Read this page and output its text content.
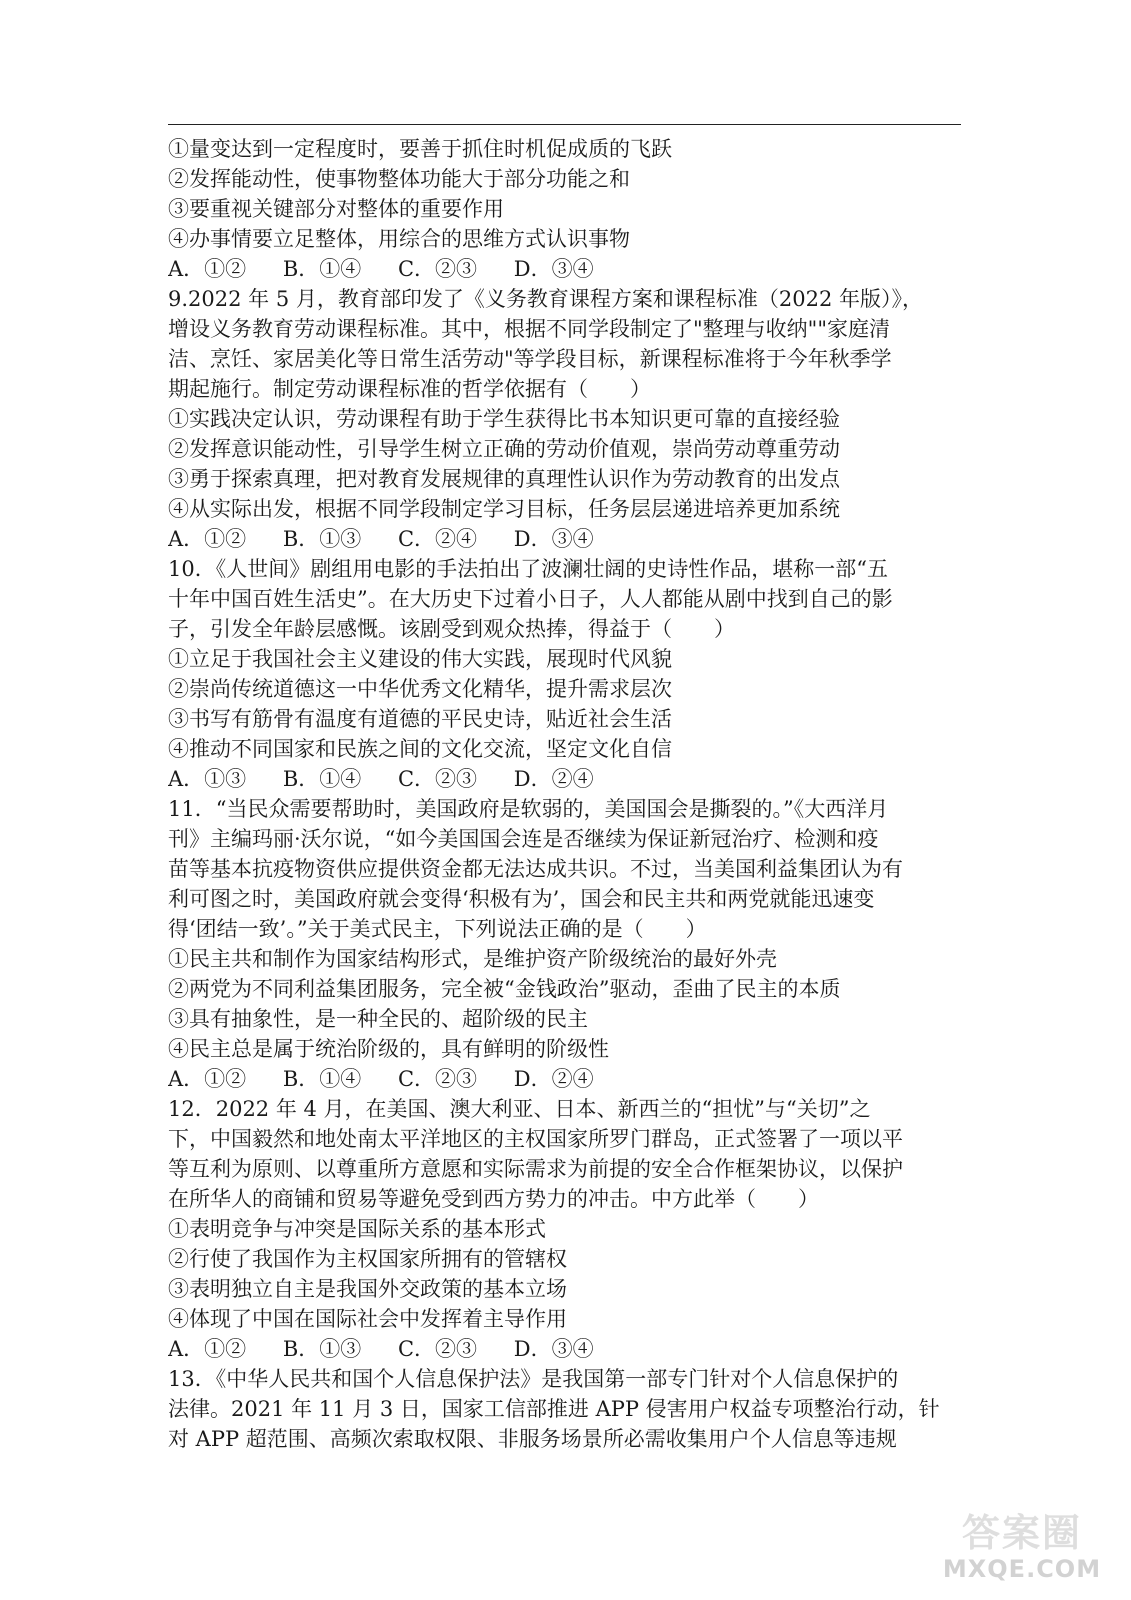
①量变达到一定程度时，要善于抓住时机促成质的飞跃
②发挥能动性，使事物整体功能大于部分功能之和
③要重视关键部分对整体的重要作用
④办事情要立足整体，用综合的思维方式认识事物
A．①② B．①④ C．②③ D．③④
9.2022 年 5 月，教育部印发了《义务教育课程方案和课程标准（2022 年版）》，
增设义务教育劳动课程标准。其中，根据不同学段制定了"整理与收纳""家庭清
洁、烹饪、家居美化等日常生活劳动"等学段目标，新课程标准将于今年秋季学
期起施行。制定劳动课程标准的哲学依据有（　　）
①实践决定认识，劳动课程有助于学生获得比书本知识更可靠的直接经验
②发挥意识能动性，引导学生树立正确的劳动价值观，崇尚劳动尊重劳动
③勇于探索真理，把对教育发展规律的真理性认识作为劳动教育的出发点
④从实际出发，根据不同学段制定学习目标，任务层层递进培养更加系统
A．①② B．①③ C．②④ D．③④
10．《人世间》剧组用电影的手法拍出了波澜壮阔的史诗性作品，堪称一部“五
十年中国百姓生活史”。在大历史下过着小日子，人人都能从剧中找到自己的影
子，引发全年龄层感慨。该剧受到观众热捧，得益于（　　）
①立足于我国社会主义建设的伟大实践，展现时代风貌
②崇尚传统道德这一中华优秀文化精华，提升需求层次
③书写有筋骨有温度有道德的平民史诗，贴近社会生活
④推动不同国家和民族之间的文化交流，坚定文化自信
A．①③ B．①④ C．②③ D．②④
11．“当民众需要帮助时，美国政府是软弱的，美国国会是撕裂的。”《大西洋月
刊》主编玛丽·沃尔说，“如今美国国会连是否继续为保证新冠治疗、检测和疫
苗等基本抗疫物资供应提供资金都无法达成共识。不过，当美国利益集团认为有
利可图之时，美国政府就会变得‘积极有为’，国会和民主共和两党就能迅速变
得‘团结一致’。”关于美式民主，下列说法正确的是（　　）
①民主共和制作为国家结构形式，是维护资产阶级统治的最好外壳
②两党为不同利益集团服务，完全被“金钱政治”驱动，歪曲了民主的本质
③具有抽象性，是一种全民的、超阶级的民主
④民主总是属于统治阶级的，具有鲜明的阶级性
A．①② B．①④ C．②③ D．②④
12．2022 年 4 月，在美国、澳大利亚、日本、新西兰的“担忧”与“关切”之
下，中国毅然和地处南太平洋地区的主权国家所罗门群岛，正式签署了一项以平
等互利为原则、以尊重所方意愿和实际需求为前提的安全合作框架协议，以保护
在所华人的商铺和贸易等避免受到西方势力的冲击。中方此举（　　）
①表明竞争与冲突是国际关系的基本形式
②行使了我国作为主权国家所拥有的管辖权
③表明独立自主是我国外交政策的基本立场
④体现了中国在国际社会中发挥着主导作用
A．①② B．①③ C．②③ D．③④
13．《中华人民共和国个人信息保护法》是我国第一部专门针对个人信息保护的
法律。2021 年 11 月 3 日，国家工信部推进 APP 侵害用户权益专项整治行动，针
对 APP 超范围、高频次索取权限、非服务场景所必需收集用户个人信息等违规
答案圈
MXQE.COM
